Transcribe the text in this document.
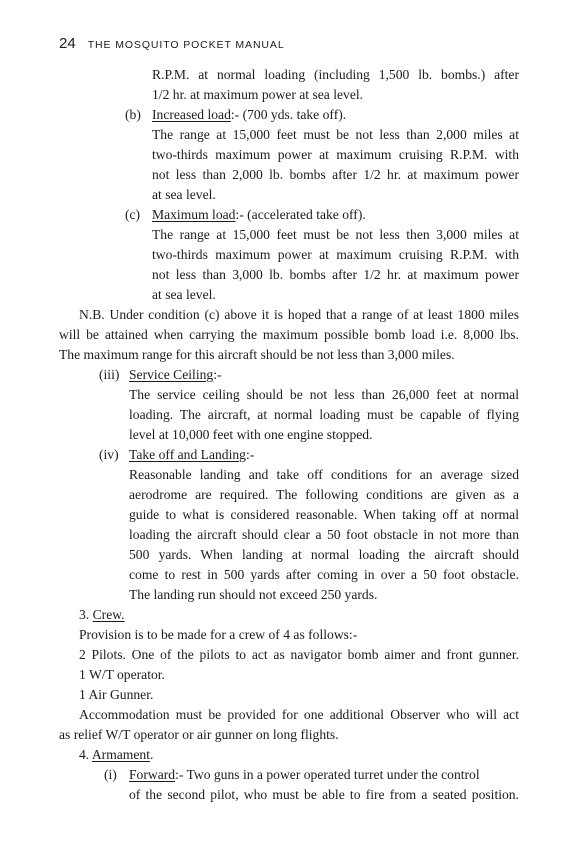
24 THE MOSQUITO POCKET MANUAL
R.P.M. at normal loading (including 1,500 lb. bombs.) after
1/2 hr. at maximum power at sea level.
(b) Increased load:- (700 yds. take off).
The range at 15,000 feet must be not less than 2,000 miles at
two-thirds maximum power at maximum cruising R.P.M. with
not less than 2,000 lb. bombs after 1/2 hr. at maximum power
at sea level.
(c) Maximum load:- (accelerated take off).
The range at 15,000 feet must be not less then 3,000 miles at
two-thirds maximum power at maximum cruising R.P.M. with
not less than 3,000 lb. bombs after 1/2 hr. at maximum power
at sea level.
N.B. Under condition (c) above it is hoped that a range of at least 1800 miles
will be attained when carrying the maximum possible bomb load i.e. 8,000 lbs.
The maximum range for this aircraft should be not less than 3,000 miles.
(iii) Service Ceiling:-
The service ceiling should be not less than 26,000 feet at normal
loading. The aircraft, at normal loading must be capable of flying
level at 10,000 feet with one engine stopped.
(iv) Take off and Landing:-
Reasonable landing and take off conditions for an average sized
aerodrome are required. The following conditions are given as a
guide to what is considered reasonable. When taking off at normal
loading the aircraft should clear a 50 foot obstacle in not more than
500 yards. When landing at normal loading the aircraft should
come to rest in 500 yards after coming in over a 50 foot obstacle.
The landing run should not exceed 250 yards.
3. Crew.
Provision is to be made for a crew of 4 as follows:-
2 Pilots. One of the pilots to act as navigator bomb aimer and front gunner.
1 W/T operator.
1 Air Gunner.
Accommodation must be provided for one additional Observer who will act
as relief W/T operator or air gunner on long flights.
4. Armament.
(i) Forward:- Two guns in a power operated turret under the control
of the second pilot, who must be able to fire from a seated position.
